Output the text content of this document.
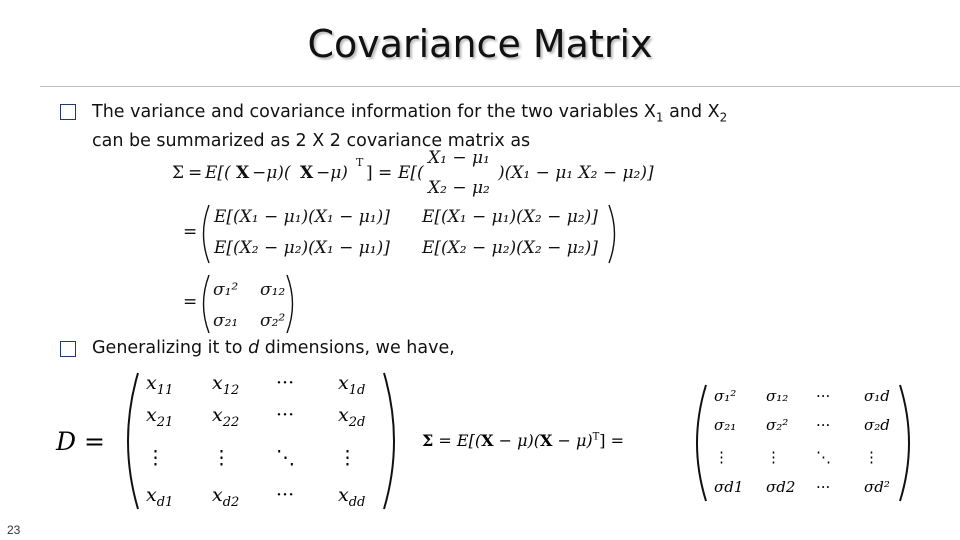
Covariance Matrix
The variance and covariance information for the two variables $X_1$ and $X_2$
can be summarized as 2 X 2 covariance matrix as
Σ = E[( X −μ)( X −μ)
T
] = E[(
X₁ − μ₁
X₂ − μ₂
)(X₁ − μ₁ X₂ − μ₂)]
=
E[(X₁ − μ₁)(X₁ − μ₁)] E[(X₁ − μ₁)(X₂ − μ₂)]
E[(X₂ − μ₂)(X₁ − μ₁)] E[(X₂ − μ₂)(X₂ − μ₂)]
=
σ₁² σ₁₂
σ₂₁ σ₂²
Generalizing it to d dimensions, we have,
D =
$x_{11}$ $x_{12}$ ··· $x_{1d}$
$x_{21}$ $x_{22}$ ··· $x_{2d}$
⋮ ⋮ ⋱ ⋮
$x_{d1}$ $x_{d2}$ ··· $x_{dd}$
$\Sigma = E[(X - \mu)(X - \mu)^T]$ =
σ₁² σ₁₂ ··· σ₁d
σ₂₁ σ₂² ··· σ₂d
⋮ ⋮ ⋱ ⋮
σd1 σd2 ··· σd²
23
